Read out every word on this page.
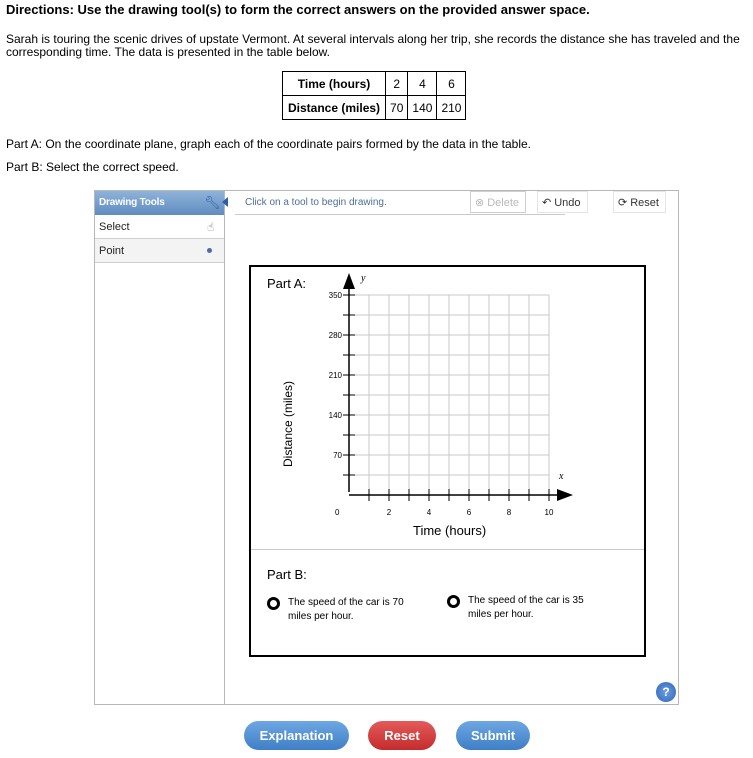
Directions: Use the drawing tool(s) to form the correct answers on the provided answer space.
Sarah is touring the scenic drives of upstate Vermont. At several intervals along her trip, she records the distance she has traveled and the corresponding time. The data is presented in the table below.
Time (hours)	2	4	6
Distance (miles)	70	140	210
Part A: On the coordinate plane, graph each of the coordinate pairs formed by the data in the table.
Part B: Select the correct speed.
Drawing Tools
Select
Point
🔧︎
☝︎
Click on a tool to begin drawing.	⊗ Delete	↶ Undo	⟳ Reset
Part A:
70
140
210
280
350
2	4	6	8	10
y
x
0
Distance (miles)
Time (hours)
Part B:
The speed of the car is 70 miles per hour.
The speed of the car is 35 miles per hour.
?
Explanation	Reset	Submit
